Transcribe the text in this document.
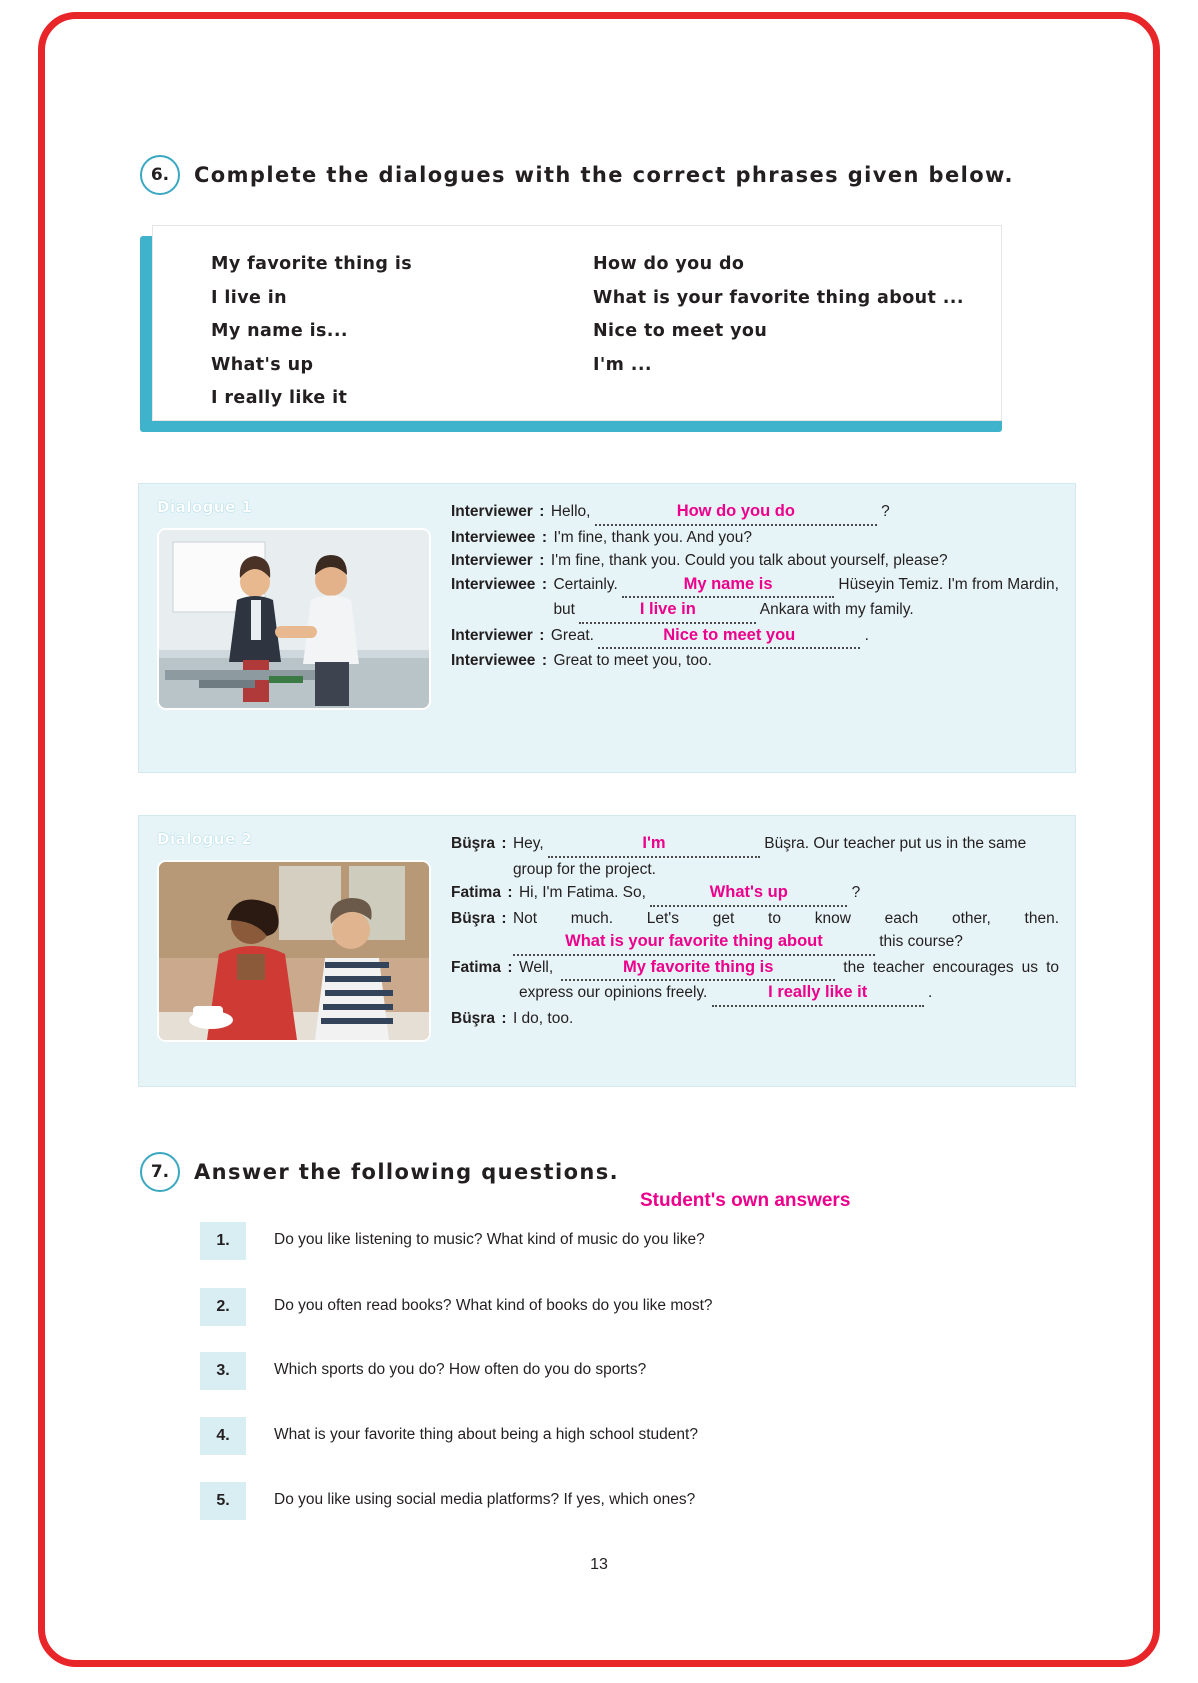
6.	Complete the dialogues with the correct phrases given below.
My favorite thing is
I live in
My name is...
What's up
I really like it
How do you do
What is your favorite thing about ...
Nice to meet you
I'm ...
Dialogue 1	Interviewer : Hello,	How do you do	?
Interviewee : I'm fine, thank you. And you?
Interviewer : I'm fine, thank you. Could you talk about yourself, please?
Interviewee : Certainly.	My name is	Hüseyin Temiz. I'm from Mardin, but	I live in	Ankara with my family.
Interviewer : Great.	Nice to meet you	.
Interviewee : Great to meet you, too.
Dialogue 2	Büşra : Hey,	I'm	Büşra. Our teacher put us in the same group for the project.
Fatima : Hi, I'm Fatima. So,	What's up	?
Büşra : Not much. Let's get to know each other, then. What is your favorite thing about	this course?
Fatima : Well,	My favorite thing is	the teacher encourages us to express our opinions freely.	I really like it	.
Büşra : I do, too.
7.	Answer the following questions.
Student's own answers
1.	Do you like listening to music? What kind of music do you like?
2.	Do you often read books? What kind of books do you like most?
3.	Which sports do you do? How often do you do sports?
4.	What is your favorite thing about being a high school student?
5.	Do you like using social media platforms? If yes, which ones?
13
